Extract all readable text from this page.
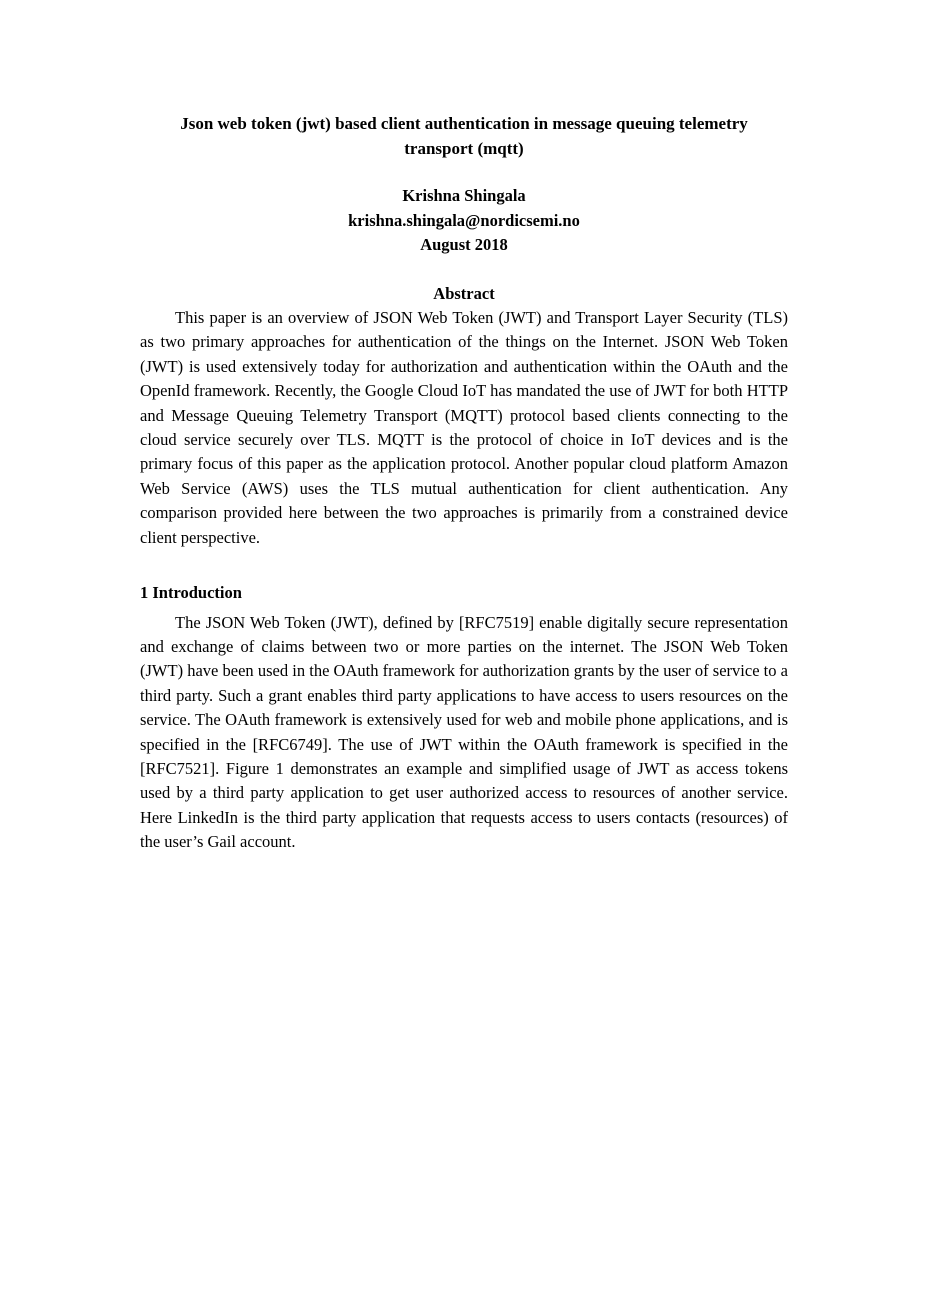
Json web token (jwt) based client authentication in message queuing telemetry transport (mqtt)

Krishna Shingala

krishna.shingala@nordicsemi.no

August 2018

Abstract

This paper is an overview of JSON Web Token (JWT) and Transport Layer Security (TLS) as two primary approaches for authentication of the things on the Internet. JSON Web Token (JWT) is used extensively today for authorization and authentication within the OAuth and the OpenId framework. Recently, the Google Cloud IoT has mandated the use of JWT for both HTTP and Message Queuing Telemetry Transport (MQTT) protocol based clients connecting to the cloud service securely over TLS. MQTT is the protocol of choice in IoT devices and is the primary focus of this paper as the application protocol. Another popular cloud platform Amazon Web Service (AWS) uses the TLS mutual authentication for client authentication. Any comparison provided here between the two approaches is primarily from a constrained device client perspective.

1 Introduction

The JSON Web Token (JWT), defined by [RFC7519] enable digitally secure representation and exchange of claims between two or more parties on the internet. The JSON Web Token (JWT) have been used in the OAuth framework for authorization grants by the user of service to a third party. Such a grant enables third party applications to have access to users resources on the service. The OAuth framework is extensively used for web and mobile phone applications, and is specified in the [RFC6749]. The use of JWT within the OAuth framework is specified in the [RFC7521]. Figure 1 demonstrates an example and simplified usage of JWT as access tokens used by a third party application to get user authorized access to resources of another service. Here LinkedIn is the third party application that requests access to users contacts (resources) of the user’s Gail account.
